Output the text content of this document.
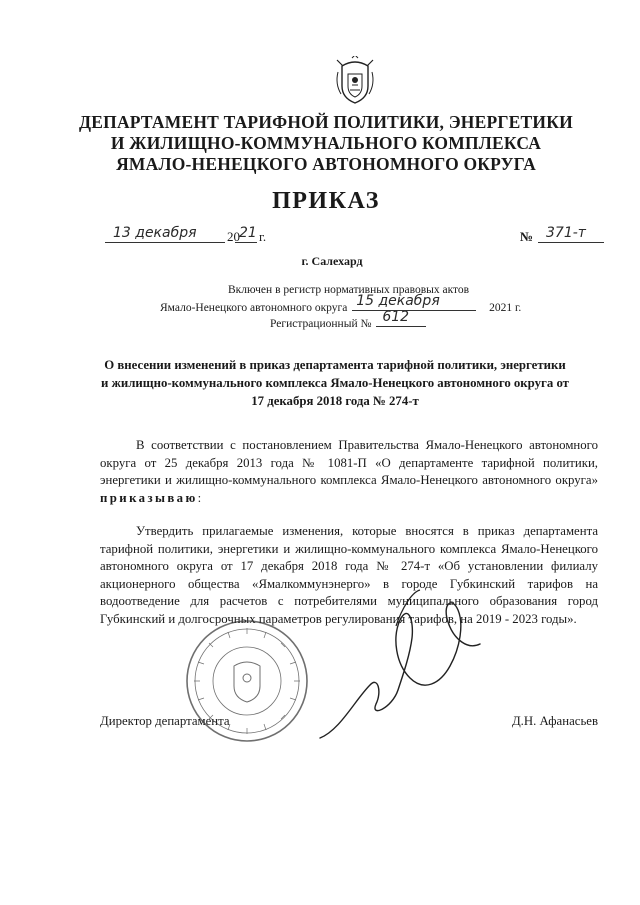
ДЕПАРТАМЕНТ ТАРИФНОЙ ПОЛИТИКИ, ЭНЕРГЕТИКИ
И ЖИЛИЩНО-КОММУНАЛЬНОГО КОМПЛЕКСА
ЯМАЛО-НЕНЕЦКОГО АВТОНОМНОГО ОКРУГА
ПРИКАЗ
13 декабря 20 21 г.	№ 371-т
г. Салехард
Включен в регистр нормативных правовых актов
Ямало-Ненецкого автономного округа 15 декабря	2021 г.
Регистрационный № 612
О внесении изменений в приказ департамента тарифной политики, энергетики и жилищно-коммунального комплекса Ямало-Ненецкого автономного округа от 17 декабря 2018 года № 274-т
В соответствии с постановлением Правительства Ямало-Ненецкого автономного округа от 25 декабря 2013 года № 1081-П «О департаменте тарифной политики, энергетики и жилищно-коммунального комплекса Ямало-Ненецкого автономного округа» приказываю:
Утвердить прилагаемые изменения, которые вносятся в приказ департамента тарифной политики, энергетики и жилищно-коммунального комплекса Ямало-Ненецкого автономного округа от 17 декабря 2018 года № 274-т «Об установлении филиалу акционерного общества «Ямалкоммунэнерго» в городе Губкинский тарифов на водоотведение для расчетов с потребителями муниципального образования город Губкинский и долгосрочных параметров регулирования тарифов, на 2019 - 2023 годы».
Директор департамента	Д.Н. Афанасьев
